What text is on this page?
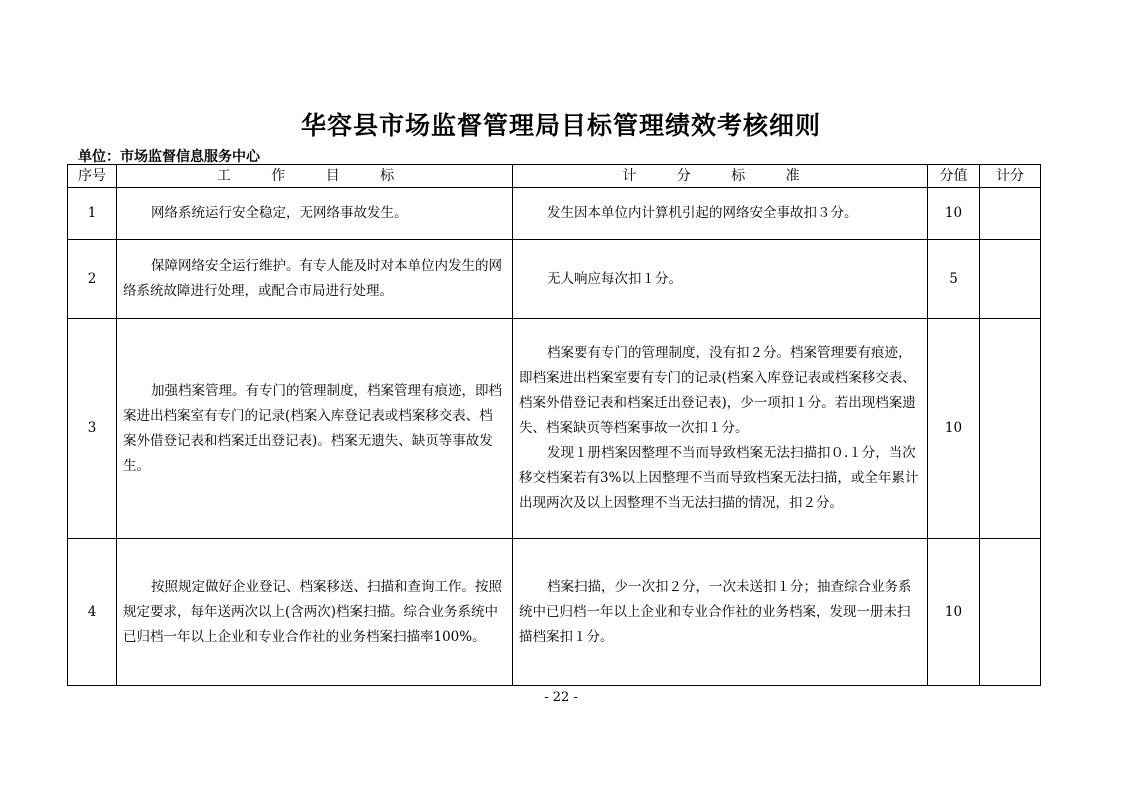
华容县市场监督管理局目标管理绩效考核细则
单位：市场监督信息服务中心
序号	工 作 目 标	计 分 标 准	分值	计分
1	网络系统运行安全稳定，无网络事故发生。	发生因本单位内计算机引起的网络安全事故扣３分。	10	
2	保障网络安全运行维护。有专人能及时对本单位内发生的网络系统故障进行处理，或配合市局进行处理。	无人响应每次扣１分。	5	
3	加强档案管理。有专门的管理制度，档案管理有痕迹，即档案进出档案室有专门的记录(档案入库登记表或档案移交表、档案外借登记表和档案迁出登记表)。档案无遗失、缺页等事故发生。	档案要有专门的管理制度，没有扣２分。档案管理要有痕迹，即档案进出档案室要有专门的记录(档案入库登记表或档案移交表、档案外借登记表和档案迁出登记表)，少一项扣１分。若出现档案遗失、档案缺页等档案事故一次扣１分。

发现１册档案因整理不当而导致档案无法扫描扣０.１分，当次移交档案若有3%以上因整理不当而导致档案无法扫描，或全年累计出现两次及以上因整理不当无法扫描的情况，扣２分。	10	
4	按照规定做好企业登记、档案移送、扫描和查询工作。按照规定要求，每年送两次以上(含两次)档案扫描。综合业务系统中已归档一年以上企业和专业合作社的业务档案扫描率100%。	档案扫描，少一次扣２分，一次未送扣１分；抽查综合业务系统中已归档一年以上企业和专业合作社的业务档案，发现一册未扫描档案扣１分。	10	
- 22 -
